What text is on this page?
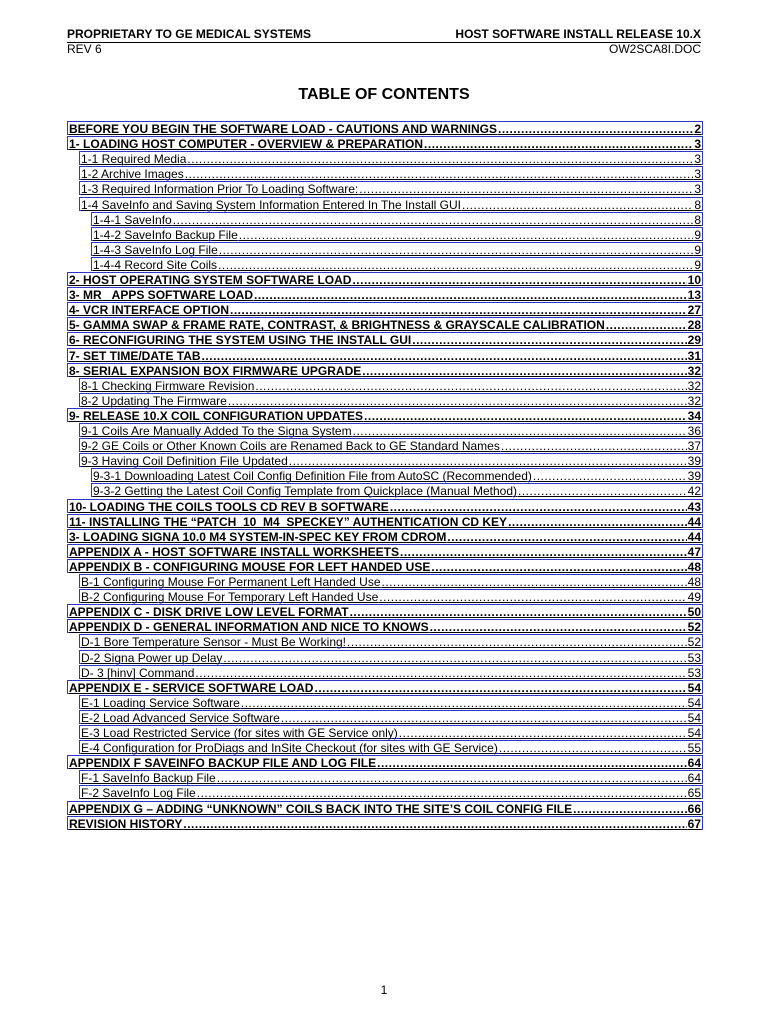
PROPRIETARY TO GE MEDICAL SYSTEMS	HOST SOFTWARE INSTALL RELEASE 10.X
REV 6	OW2SCA8I.DOC
TABLE OF CONTENTS
BEFORE YOU BEGIN THE SOFTWARE LOAD - CAUTIONS AND WARNINGS .....	2
1- LOADING HOST COMPUTER - OVERVIEW & PREPARATION .....	3
1-1 Required Media .....	3
1-2 Archive Images .....	3
1-3 Required Information Prior To Loading Software: .....	3
1-4 SaveInfo and Saving System Information Entered In The Install GUI .....	8
1-4-1 SaveInfo .....	8
1-4-2 SaveInfo Backup File .....	9
1-4-3 SaveInfo Log File .....	9
1-4-4 Record Site Coils .....	9
2- HOST OPERATING SYSTEM SOFTWARE LOAD .....	10
3- MR _APPS SOFTWARE LOAD .....	13
4- VCR INTERFACE OPTION .....	27
5- GAMMA SWAP & FRAME RATE, CONTRAST, & BRIGHTNESS & GRAYSCALE CALIBRATION .....	28
6- RECONFIGURING THE SYSTEM USING THE INSTALL GUI .....	29
7- SET TIME/DATE TAB .....	31
8- SERIAL EXPANSION BOX FIRMWARE UPGRADE .....	32
8-1 Checking Firmware Revision .....	32
8-2 Updating The Firmware .....	32
9- RELEASE 10.X COIL CONFIGURATION UPDATES .....	34
9-1 Coils Are Manually Added To the Signa System .....	36
9-2 GE Coils or Other Known Coils are Renamed Back to GE Standard Names .....	37
9-3 Having Coil Definition File Updated .....	39
9-3-1 Downloading Latest Coil Config Definition File from AutoSC (Recommended) .....	39
9-3-2 Getting the Latest Coil Config Template from Quickplace (Manual Method) .....	42
10- LOADING THE COILS TOOLS CD REV B SOFTWARE .....	43
11- INSTALLING THE “PATCH_10_M4_SPECKEY” AUTHENTICATION CD KEY .....	44
3- LOADING SIGNA 10.0 M4 SYSTEM-IN-SPEC KEY FROM CDROM .....	44
APPENDIX A - HOST SOFTWARE INSTALL WORKSHEETS .....	47
APPENDIX B - CONFIGURING MOUSE FOR LEFT HANDED USE .....	48
B-1 Configuring Mouse For Permanent Left Handed Use .....	48
B-2 Configuring Mouse For Temporary Left Handed Use .....	49
APPENDIX C - DISK DRIVE LOW LEVEL FORMAT .....	50
APPENDIX D - GENERAL INFORMATION AND NICE TO KNOWS .....	52
D-1 Bore Temperature Sensor - Must Be Working! .....	52
D-2 Signa Power up Delay .....	53
D- 3 [hinv] Command .....	53
APPENDIX E - SERVICE SOFTWARE LOAD .....	54
E-1 Loading Service Software .....	54
E-2 Load Advanced Service Software .....	54
E-3 Load Restricted Service (for sites with GE Service only) .....	54
E-4 Configuration for ProDiags and InSite Checkout (for sites with GE Service) .....	55
APPENDIX F SAVEINFO BACKUP FILE AND LOG FILE .....	64
F-1 SaveInfo Backup File .....	64
F-2 SaveInfo Log File .....	65
APPENDIX G – ADDING “UNKNOWN” COILS BACK INTO THE SITE’S COIL CONFIG FILE .....	66
REVISION HISTORY .....	67
1
